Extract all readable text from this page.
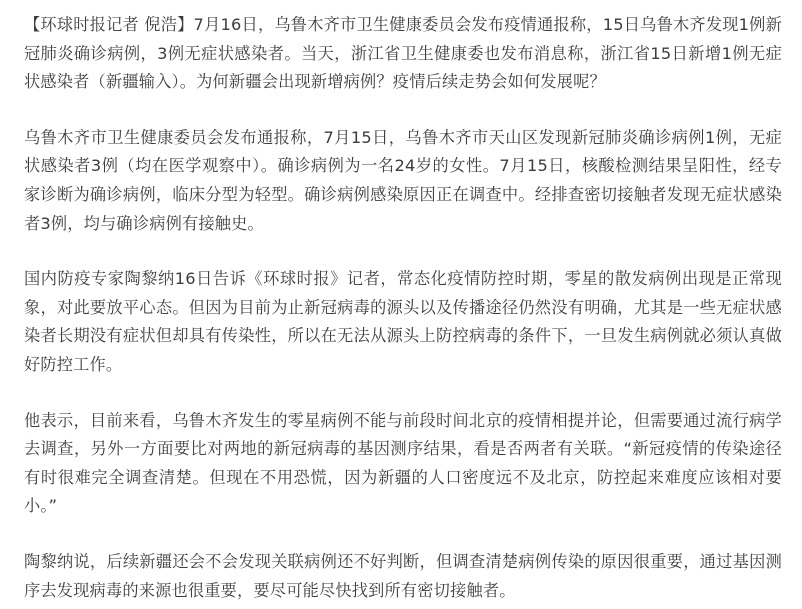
【环球时报记者 倪浩】7月16日，乌鲁木齐市卫生健康委员会发布疫情通报称，15日乌鲁木齐发现1例新冠肺炎确诊病例，3例无症状感染者。当天，浙江省卫生健康委也发布消息称，浙江省15日新增1例无症状感染者（新疆输入）。为何新疆会出现新增病例？疫情后续走势会如何发展呢？

乌鲁木齐市卫生健康委员会发布通报称，7月15日，乌鲁木齐市天山区发现新冠肺炎确诊病例1例，无症状感染者3例（均在医学观察中）。确诊病例为一名24岁的女性。7月15日，核酸检测结果呈阳性，经专家诊断为确诊病例，临床分型为轻型。确诊病例感染原因正在调查中。经排查密切接触者发现无症状感染者3例，均与确诊病例有接触史。

国内防疫专家陶黎纳16日告诉《环球时报》记者，常态化疫情防控时期，零星的散发病例出现是正常现象，对此要放平心态。但因为目前为止新冠病毒的源头以及传播途径仍然没有明确，尤其是一些无症状感染者长期没有症状但却具有传染性，所以在无法从源头上防控病毒的条件下，一旦发生病例就必须认真做好防控工作。

他表示，目前来看，乌鲁木齐发生的零星病例不能与前段时间北京的疫情相提并论，但需要通过流行病学去调查，另外一方面要比对两地的新冠病毒的基因测序结果，看是否两者有关联。“新冠疫情的传染途径有时很难完全调查清楚。但现在不用恐慌，因为新疆的人口密度远不及北京，防控起来难度应该相对要小。”

陶黎纳说，后续新疆还会不会发现关联病例还不好判断，但调查清楚病例传染的原因很重要，通过基因测序去发现病毒的来源也很重要，要尽可能尽快找到所有密切接触者。
